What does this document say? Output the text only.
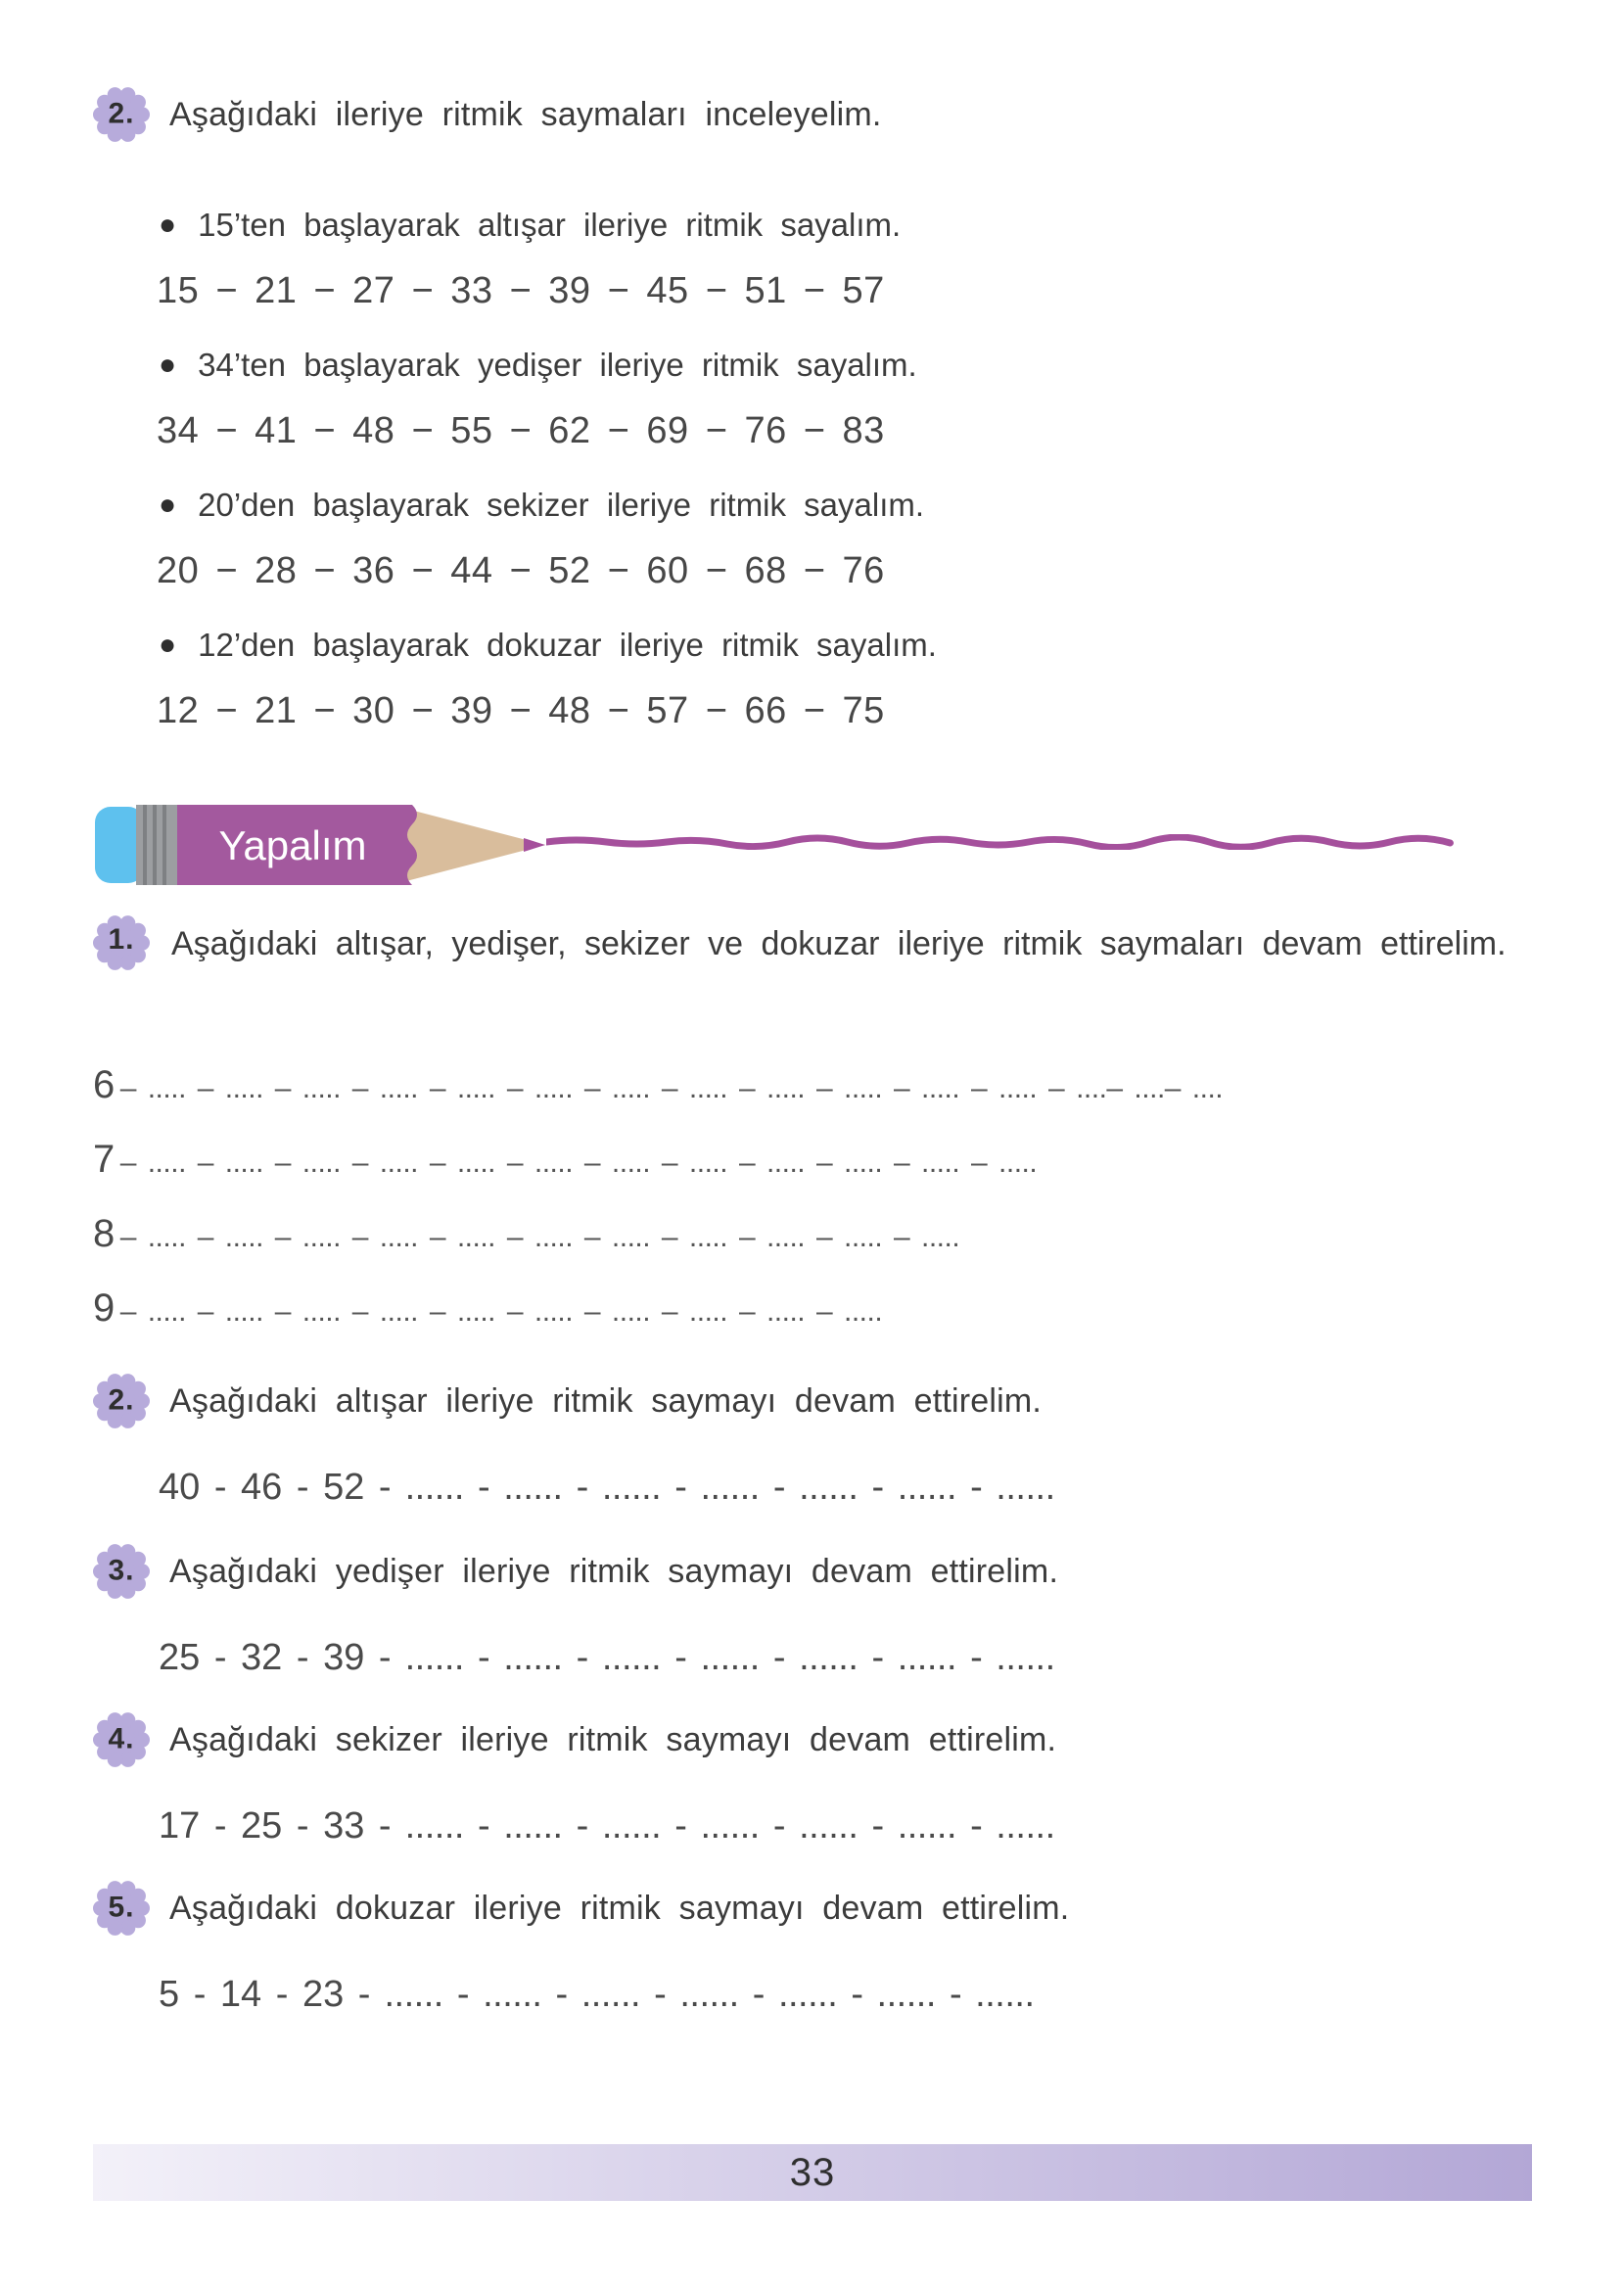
2. Aşağıdaki ileriye ritmik saymaları inceleyelim.
● 15’ten başlayarak altışar ileriye ritmik sayalım.
15 − 21 − 27 − 33 − 39 − 45 − 51 − 57
● 34’ten başlayarak yedişer ileriye ritmik sayalım.
34 − 41 − 48 − 55 − 62 − 69 − 76 − 83
● 20’den başlayarak sekizer ileriye ritmik sayalım.
20 − 28 − 36 − 44 − 52 − 60 − 68 − 76
● 12’den başlayarak dokuzar ileriye ritmik sayalım.
12 − 21 − 30 − 39 − 48 − 57 − 66 − 75
Yapalım
1. Aşağıdaki altışar, yedişer, sekizer ve dokuzar ileriye ritmik saymaları devam ettirelim.
6 – ..... – ..... – ..... – ..... – ..... – ..... – ..... – ..... – ..... – ..... – ..... – ..... – ....– ....– ....
7 – ..... – ..... – ..... – ..... – ..... – ..... – ..... – ..... – ..... – ..... – ..... – .....
8 – ..... – ..... – ..... – ..... – ..... – ..... – ..... – ..... – ..... – ..... – .....
9 – ..... – ..... – ..... – ..... – ..... – ..... – ..... – ..... – ..... – .....
2. Aşağıdaki altışar ileriye ritmik saymayı devam ettirelim.
40 - 46 - 52 - ...... - ...... - ...... - ...... - ...... - ...... - ......
3. Aşağıdaki yedişer ileriye ritmik saymayı devam ettirelim.
25 - 32 - 39 - ...... - ...... - ...... - ...... - ...... - ...... - ......
4. Aşağıdaki sekizer ileriye ritmik saymayı devam ettirelim.
17 - 25 - 33 - ...... - ...... - ...... - ...... - ...... - ...... - ......
5. Aşağıdaki dokuzar ileriye ritmik saymayı devam ettirelim.
5 - 14 - 23 - ...... - ...... - ...... - ...... - ...... - ...... - ......
33
